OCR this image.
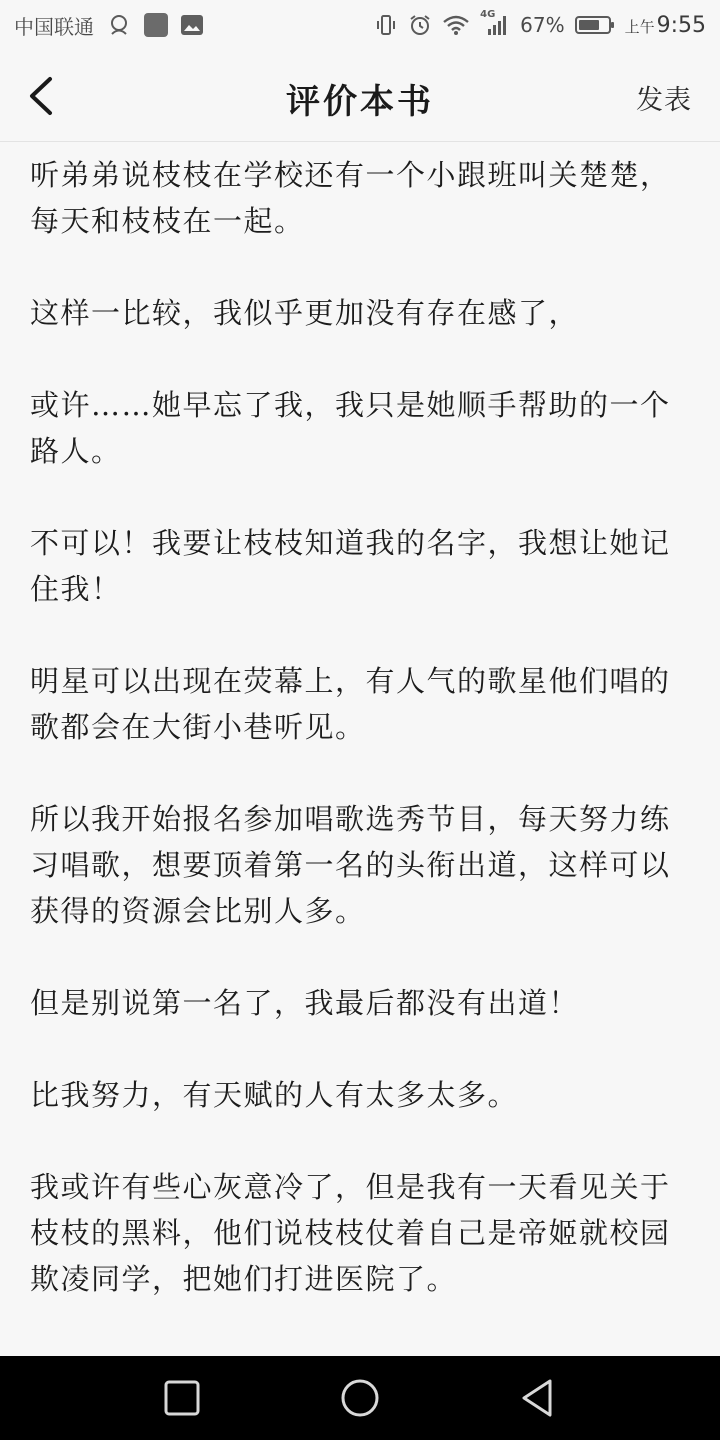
中国联通	4G 67%	上午9:55
评价本书	发表

听弟弟说枝枝在学校还有一个小跟班叫关楚楚，每天和枝枝在一起。

这样一比较，我似乎更加没有存在感了，

或许……她早忘了我，我只是她顺手帮助的一个路人。

不可以！我要让枝枝知道我的名字，我想让她记住我！

明星可以出现在荧幕上，有人气的歌星他们唱的歌都会在大街小巷听见。

所以我开始报名参加唱歌选秀节目，每天努力练习唱歌，想要顶着第一名的头衔出道，这样可以获得的资源会比别人多。

但是别说第一名了，我最后都没有出道！

比我努力，有天赋的人有太多太多。

我或许有些心灰意冷了，但是我有一天看见关于枝枝的黑料，他们说枝枝仗着自己是帝姬就校园欺凌同学，把她们打进医院了。
